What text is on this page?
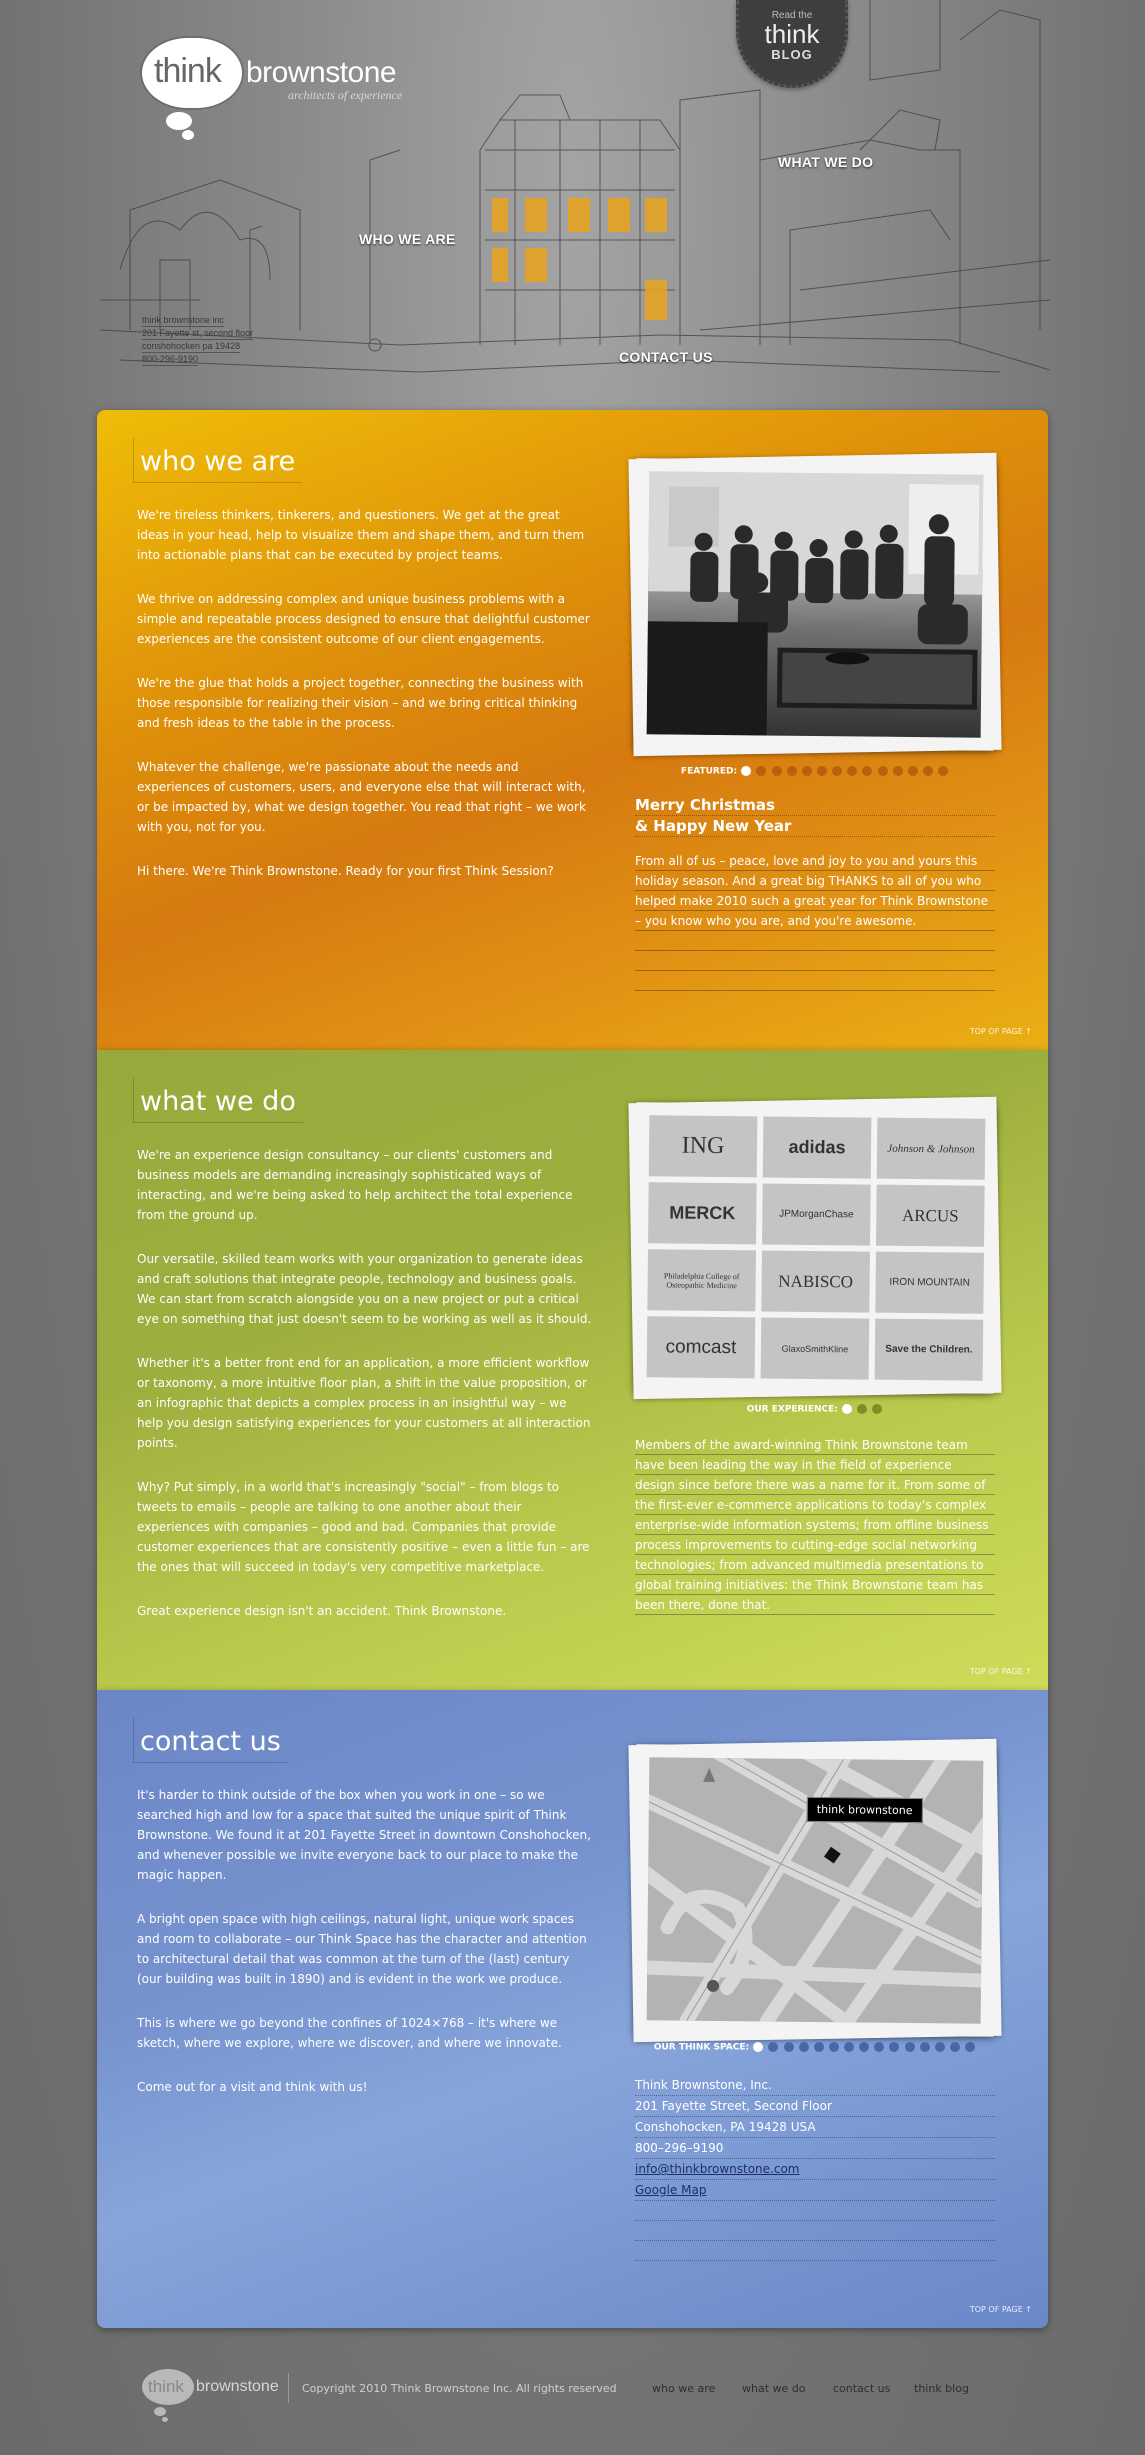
think brownstone
architects of experience
Read the
think
BLOG
WHAT WE DO
WHO WE ARE
CONTACT US
think brownstone inc
201 Fayette st, second floor
conshohocken pa 19428
800-296-9190
who we are

We're tireless thinkers, tinkerers, and questioners. We get at the great ideas in your head, help to visualize them and shape them, and turn them into actionable plans that can be executed by project teams.

We thrive on addressing complex and unique business problems with a simple and repeatable process designed to ensure that delightful customer experiences are the consistent outcome of our client engagements.

We're the glue that holds a project together, connecting the business with those responsible for realizing their vision – and we bring critical thinking and fresh ideas to the table in the process.

Whatever the challenge, we're passionate about the needs and experiences of customers, users, and everyone else that will interact with, or be impacted by, what we design together. You read that right – we work with you, not for you.

Hi there. We're Think Brownstone. Ready for your first Think Session?

FEATURED:
Merry Christmas
& Happy New Year
From all of us – peace, love and joy to you and yours this holiday season. And a great big THANKS to all of you who helped make 2010 such a great year for Think Brownstone – you know who you are, and you're awesome.
TOP OF PAGE ↑
what we do

We're an experience design consultancy – our clients' customers and business models are demanding increasingly sophisticated ways of interacting, and we're being asked to help architect the total experience from the ground up.

Our versatile, skilled team works with your organization to generate ideas and craft solutions that integrate people, technology and business goals. We can start from scratch alongside you on a new project or put a critical eye on something that just doesn't seem to be working as well as it should.

Whether it's a better front end for an application, a more efficient workflow or taxonomy, a more intuitive floor plan, a shift in the value proposition, or an infographic that depicts a complex process in an insightful way – we help you design satisfying experiences for your customers at all interaction points.

Why? Put simply, in a world that's increasingly "social" – from blogs to tweets to emails – people are talking to one another about their experiences with companies – good and bad. Companies that provide customer experiences that are consistently positive – even a little fun – are the ones that will succeed in today's very competitive marketplace.

Great experience design isn't an accident. Think Brownstone.

ING	adidas	Johnson & Johnson
MERCK	JPMorganChase	ARCUS
Philadelphia College of Osteopathic Medicine	NABISCO	IRON MOUNTAIN
comcast	GlaxoSmithKline	Save the Children.
OUR EXPERIENCE:
Members of the award-winning Think Brownstone team have been leading the way in the field of experience design since before there was a name for it. From some of the first-ever e-commerce applications to today's complex enterprise-wide information systems; from offline business process improvements to cutting-edge social networking technologies; from advanced multimedia presentations to global training initiatives: the Think Brownstone team has been there, done that.
TOP OF PAGE ↑
contact us

It's harder to think outside of the box when you work in one – so we searched high and low for a space that suited the unique spirit of Think Brownstone. We found it at 201 Fayette Street in downtown Conshohocken, and whenever possible we invite everyone back to our place to make the magic happen.

A bright open space with high ceilings, natural light, unique work spaces and room to collaborate – our Think Space has the character and attention to architectural detail that was common at the turn of the (last) century (our building was built in 1890) and is evident in the work we produce.

This is where we go beyond the confines of 1024×768 – it's where we sketch, where we explore, where we discover, and where we innovate.

Come out for a visit and think with us!

think brownstone
OUR THINK SPACE:
Think Brownstone, Inc.
201 Fayette Street, Second Floor
Conshohocken, PA 19428 USA
800–296–9190
info@thinkbrownstone.com
Google Map
TOP OF PAGE ↑
think brownstone Copyright 2010 Think Brownstone Inc. All rights reserved	who we are what we do	contact us think blog
